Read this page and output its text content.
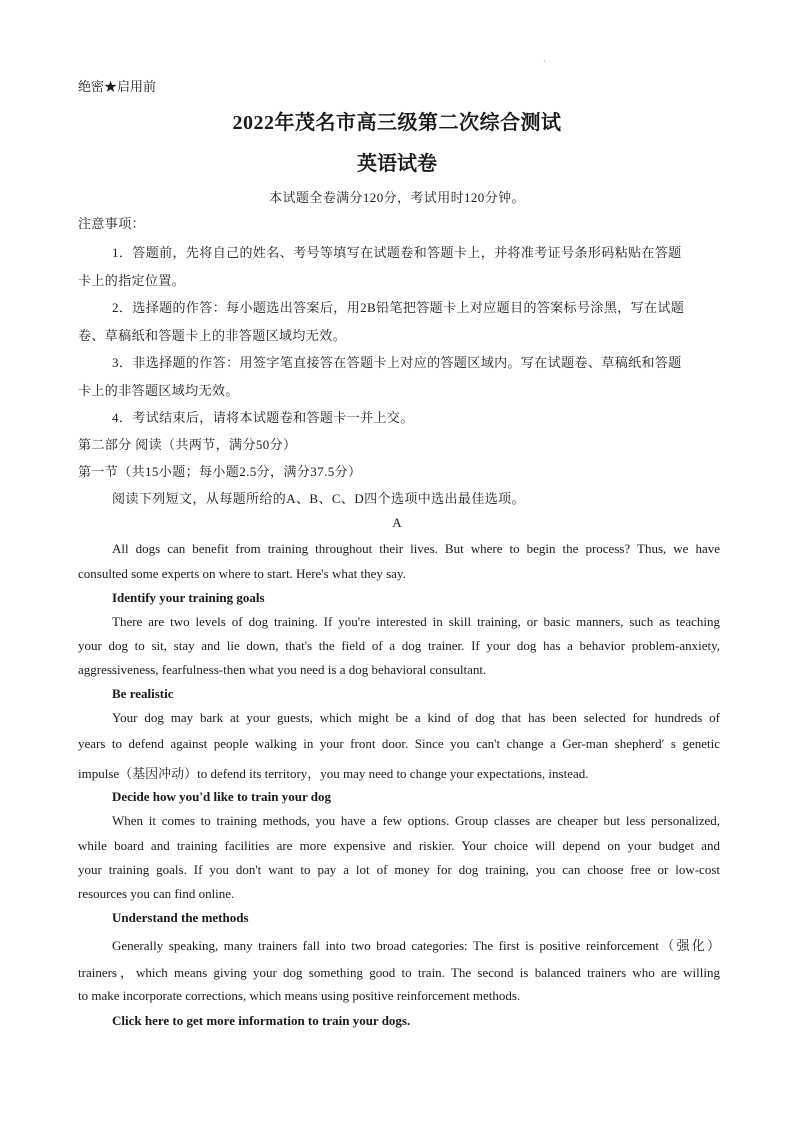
·
绝密★启用前
2022年茂名市高三级第二次综合测试
英语试卷
本试题全卷满分120分，考试用时120分钟。
注意事项：
1．答题前，先将自己的姓名、考号等填写在试题卷和答题卡上，并将准考证号条形码粘贴在答题
卡上的指定位置。
2．选择题的作答：每小题选出答案后，用2B铅笔把答题卡上对应题目的答案标号涂黑，写在试题
卷、草稿纸和答题卡上的非答题区域均无效。
3．非选择题的作答：用签字笔直接答在答题卡上对应的答题区域内。写在试题卷、草稿纸和答题
卡上的非答题区域均无效。
4．考试结束后，请将本试题卷和答题卡一并上交。
第二部分 阅读（共两节，满分50分）
第一节（共15小题；每小题2.5分，满分37.5分）
阅读下列短文，从每题所给的A、B、C、D四个选项中选出最佳选项。
A
All dogs can benefit from training throughout their lives. But where to begin the process? Thus, we have
consulted some experts on where to start. Here's what they say.
Identify your training goals
There are two levels of dog training. If you're interested in skill training, or basic manners, such as teaching
your dog to sit, stay and lie down, that's the field of a dog trainer. If your dog has a behavior problem-anxiety,
aggressiveness, fearfulness-then what you need is a dog behavioral consultant.
Be realistic
Your dog may bark at your guests, which might be a kind of dog that has been selected for hundreds of
years to defend against people walking in your front door. Since you can't change a Ger-man shepherd′ s genetic
impulse（基因冲动）to defend its territory，you may need to change your expectations, instead.
Decide how you'd like to train your dog
When it comes to training methods, you have a few options. Group classes are cheaper but less personalized,
while board and training facilities are more expensive and riskier. Your choice will depend on your budget and
your training goals. If you don't want to pay a lot of money for dog training, you can choose free or low-cost
resources you can find online.
Understand the methods
Generally speaking, many trainers fall into two broad categories: The first is positive reinforcement（强化）
trainers，which means giving your dog something good to train. The second is balanced trainers who are willing
to make incorporate corrections, which means using positive reinforcement methods.
Click here to get more information to train your dogs.
